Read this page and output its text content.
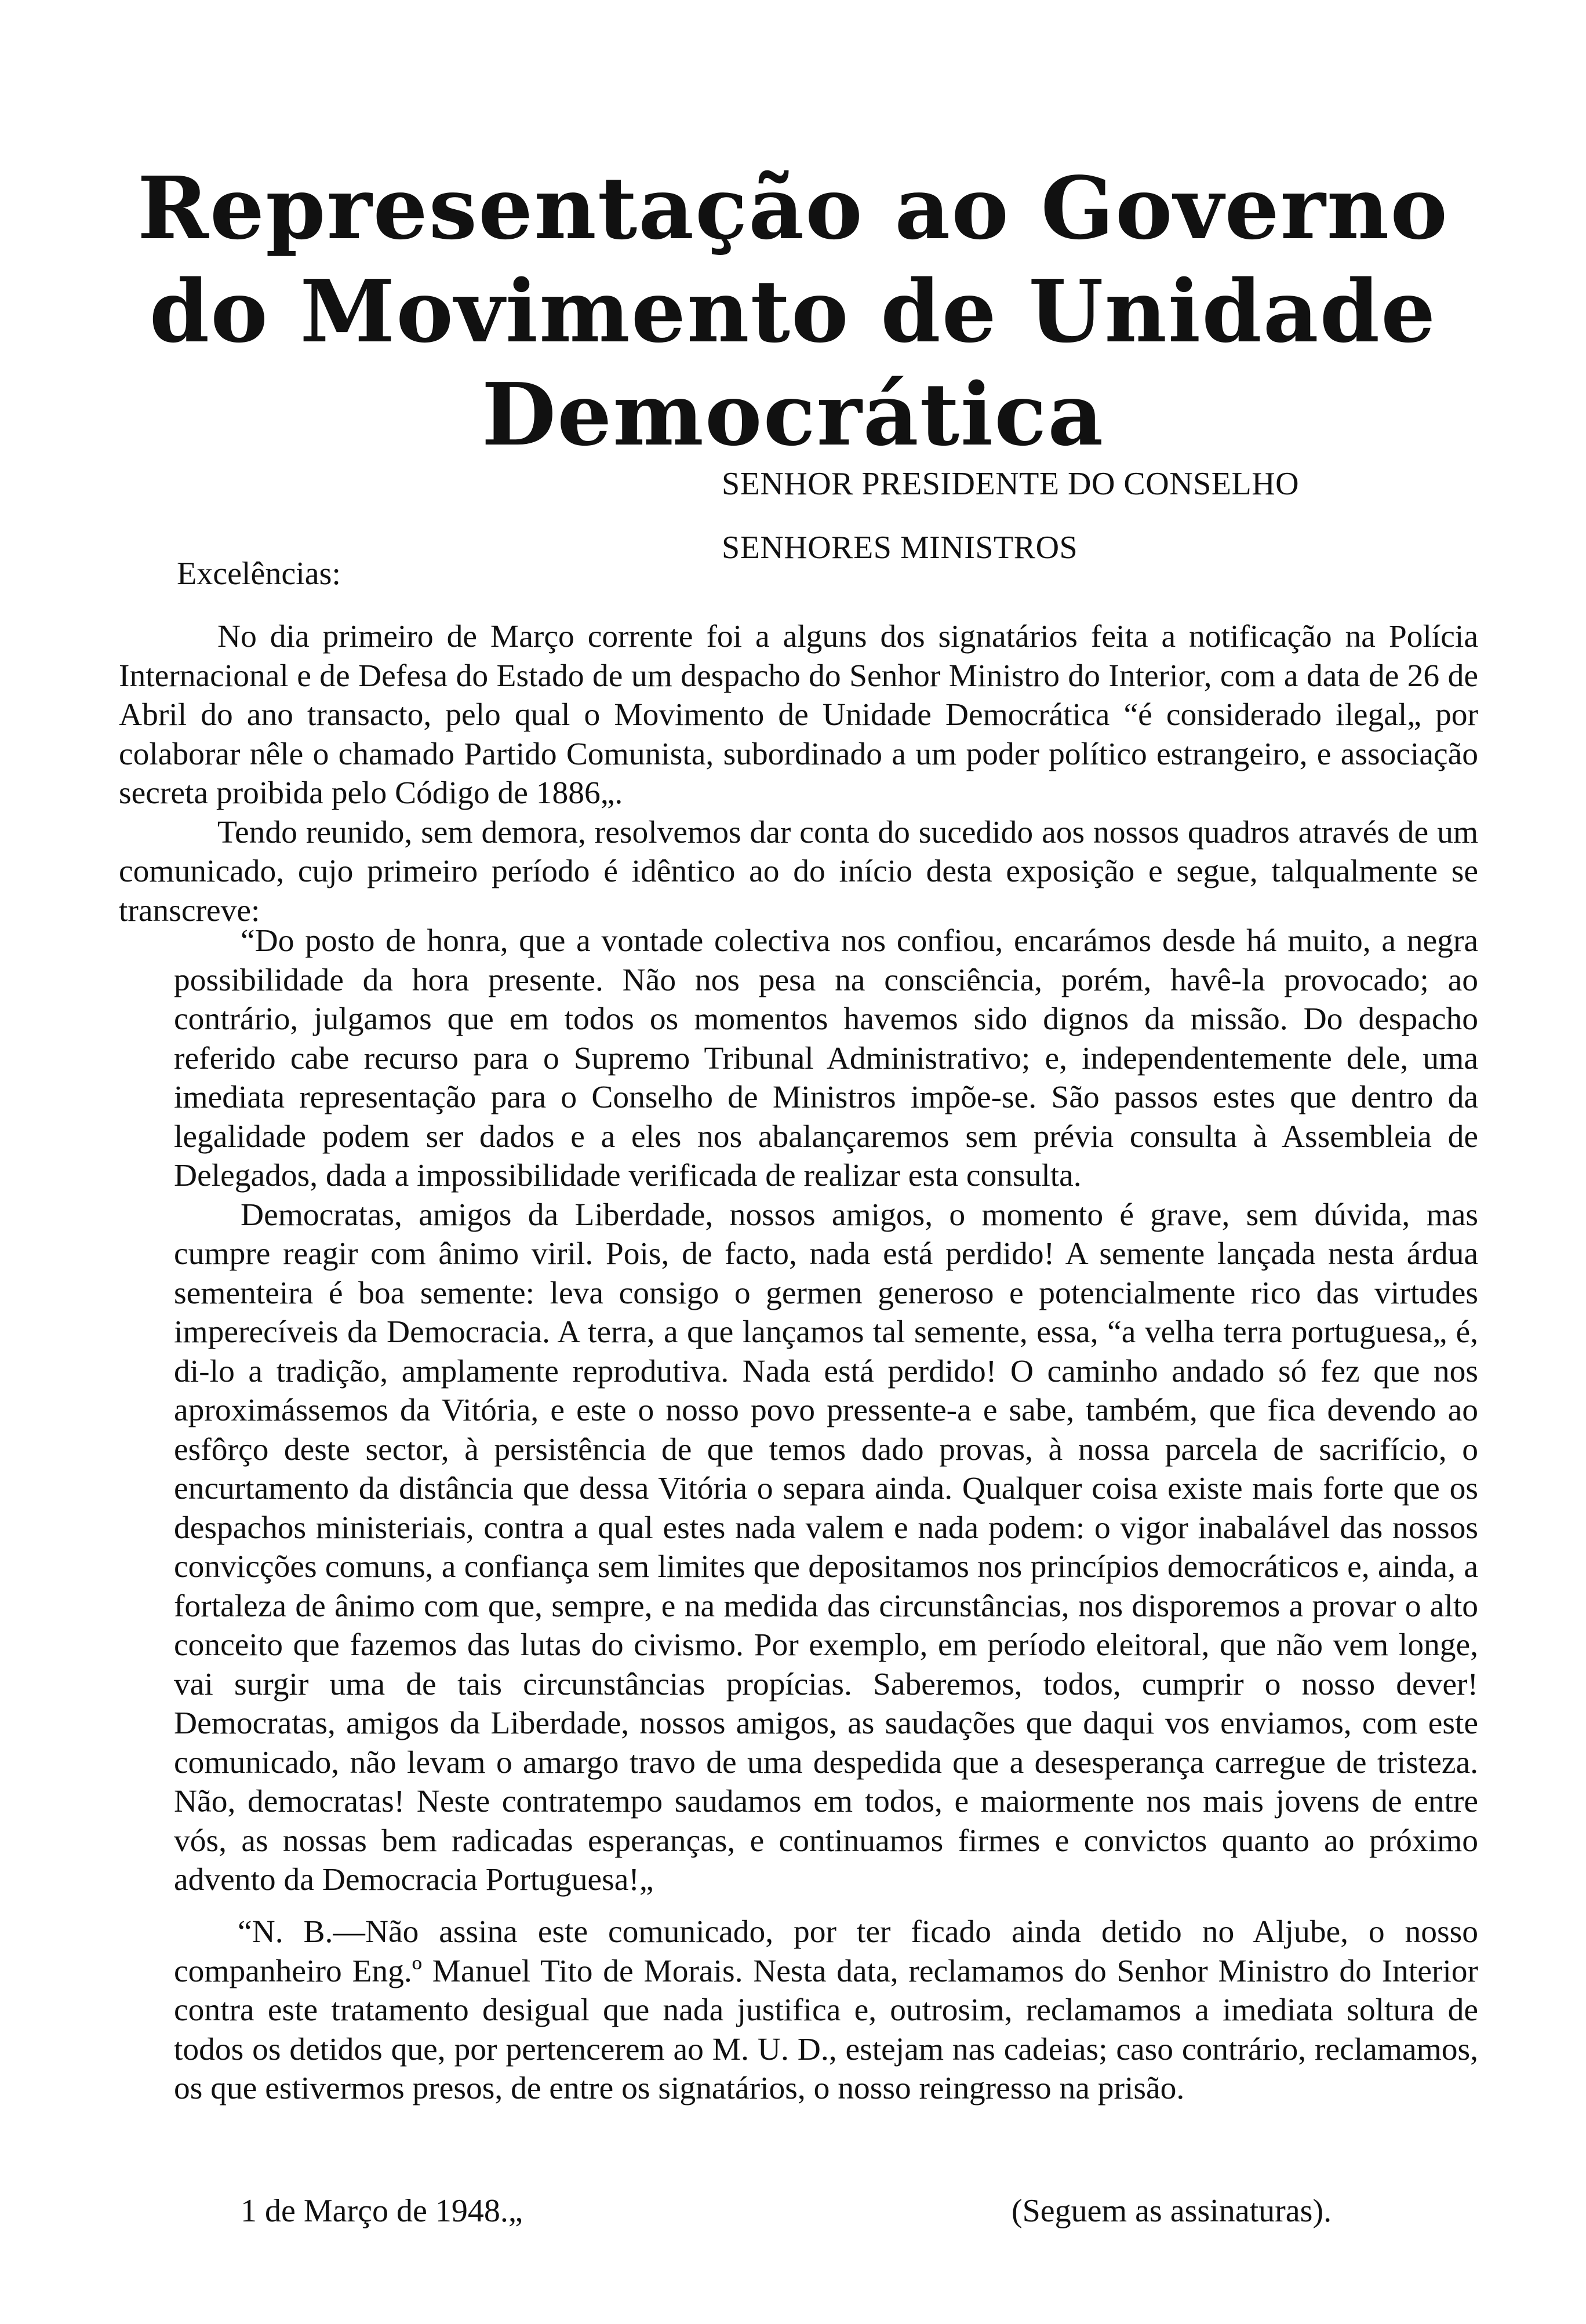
Representação ao Governo
do Movimento de Unidade
Democrática
SENHOR PRESIDENTE DO CONSELHO
SENHORES MINISTROS
Excelências:

No dia primeiro de Março corrente foi a alguns dos signatários feita a notificação na Polícia Internacional e de Defesa do Estado de um despacho do Senhor Ministro do Interior, com a data de 26 de Abril do ano transacto, pelo qual o Movimento de Unidade Democrática “é considerado ilegal„ por colaborar nêle o chamado Partido Comunista, subordinado a um poder político estrangeiro, e associação secreta proibida pelo Código de 1886„.

Tendo reunido, sem demora, resolvemos dar conta do sucedido aos nossos quadros através de um comunicado, cujo primeiro período é idêntico ao do início desta exposição e segue, talqualmente se transcreve:

“Do posto de honra, que a vontade colectiva nos confiou, encarámos desde há muito, a negra possibilidade da hora presente. Não nos pesa na consciência, porém, havê-la provocado; ao contrário, julgamos que em todos os momentos havemos sido dignos da missão. Do despacho referido cabe recurso para o Supremo Tribunal Administrativo; e, independentemente dele, uma imediata representação para o Conselho de Ministros impõe-se. São passos estes que dentro da legalidade podem ser dados e a eles nos abalançaremos sem prévia consulta à Assembleia de Delegados, dada a impossibilidade verificada de realizar esta consulta.

Democratas, amigos da Liberdade, nossos amigos, o momento é grave, sem dúvida, mas cumpre reagir com ânimo viril. Pois, de facto, nada está perdido! A semente lançada nesta árdua sementeira é boa semente: leva consigo o germen generoso e potencialmente rico das virtudes imperecíveis da Democracia. A terra, a que lançamos tal semente, essa, “a velha terra portuguesa„ é, di-lo a tradição, amplamente reprodutiva. Nada está perdido! O caminho andado só fez que nos aproximássemos da Vitória, e este o nosso povo pressente-a e sabe, também, que fica devendo ao esfôrço deste sector, à persistência de que temos dado provas, à nossa parcela de sacrifício, o encurtamento da distância que dessa Vitória o separa ainda. Qualquer coisa existe mais forte que os despachos ministeriais, contra a qual estes nada valem e nada podem: o vigor inabalável das nossos convicções comuns, a confiança sem limites que depositamos nos princípios democráticos e, ainda, a fortaleza de ânimo com que, sempre, e na medida das circunstâncias, nos disporemos a provar o alto conceito que fazemos das lutas do civismo. Por exemplo, em período eleitoral, que não vem longe, vai surgir uma de tais circunstâncias propícias. Saberemos, todos, cumprir o nosso dever! Democratas, amigos da Liberdade, nossos amigos, as saudações que daqui vos enviamos, com este comunicado, não levam o amargo travo de uma despedida que a desesperança carregue de tristeza. Não, democratas! Neste contratempo saudamos em todos, e maiormente nos mais jovens de entre vós, as nossas bem radicadas esperanças, e continuamos firmes e convictos quanto ao próximo advento da Democracia Portuguesa!„

“N. B.—Não assina este comunicado, por ter ficado ainda detido no Aljube, o nosso companheiro Eng.º Manuel Tito de Morais. Nesta data, reclamamos do Senhor Ministro do Interior contra este tratamento desigual que nada justifica e, outrosim, reclamamos a imediata soltura de todos os detidos que, por pertencerem ao M. U. D., estejam nas cadeias; caso contrário, reclamamos, os que estivermos presos, de entre os signatários, o nosso reingresso na prisão.

1 de Março de 1948.„	(Seguem as assinaturas).
